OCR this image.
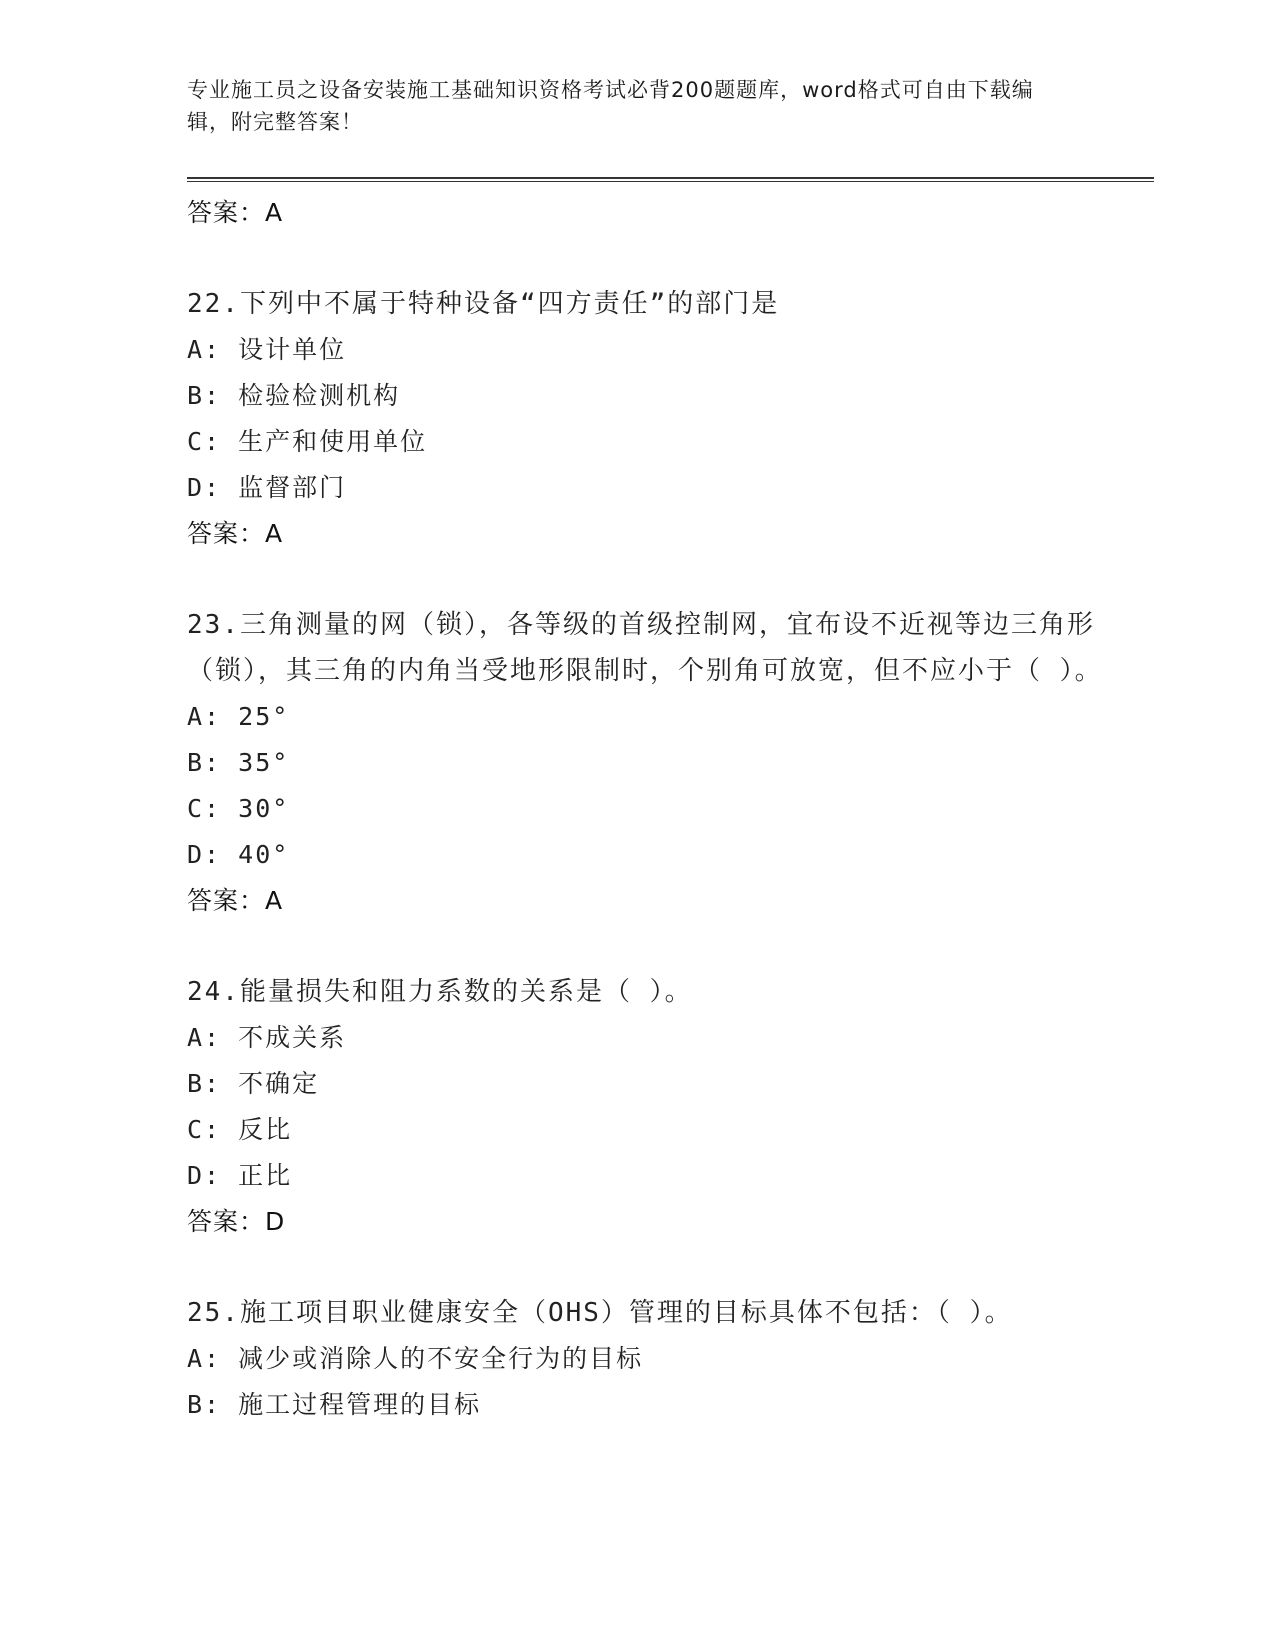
专业施工员之设备安装施工基础知识资格考试必背200题题库，word格式可自由下载编辑，附完整答案！
答案：A
22.下列中不属于特种设备“四方责任”的部门是
A: 设计单位
B: 检验检测机构
C: 生产和使用单位
D: 监督部门
答案：A
23.三角测量的网（锁），各等级的首级控制网，宜布设不近视等边三角形（锁），其三角的内角当受地形限制时，个别角可放宽，但不应小于（ ）。
A: 25°
B: 35°
C: 30°
D: 40°
答案：A
24.能量损失和阻力系数的关系是（ ）。
A: 不成关系
B: 不确定
C: 反比
D: 正比
答案：D
25.施工项目职业健康安全（OHS）管理的目标具体不包括：（ ）。
A: 减少或消除人的不安全行为的目标
B: 施工过程管理的目标
